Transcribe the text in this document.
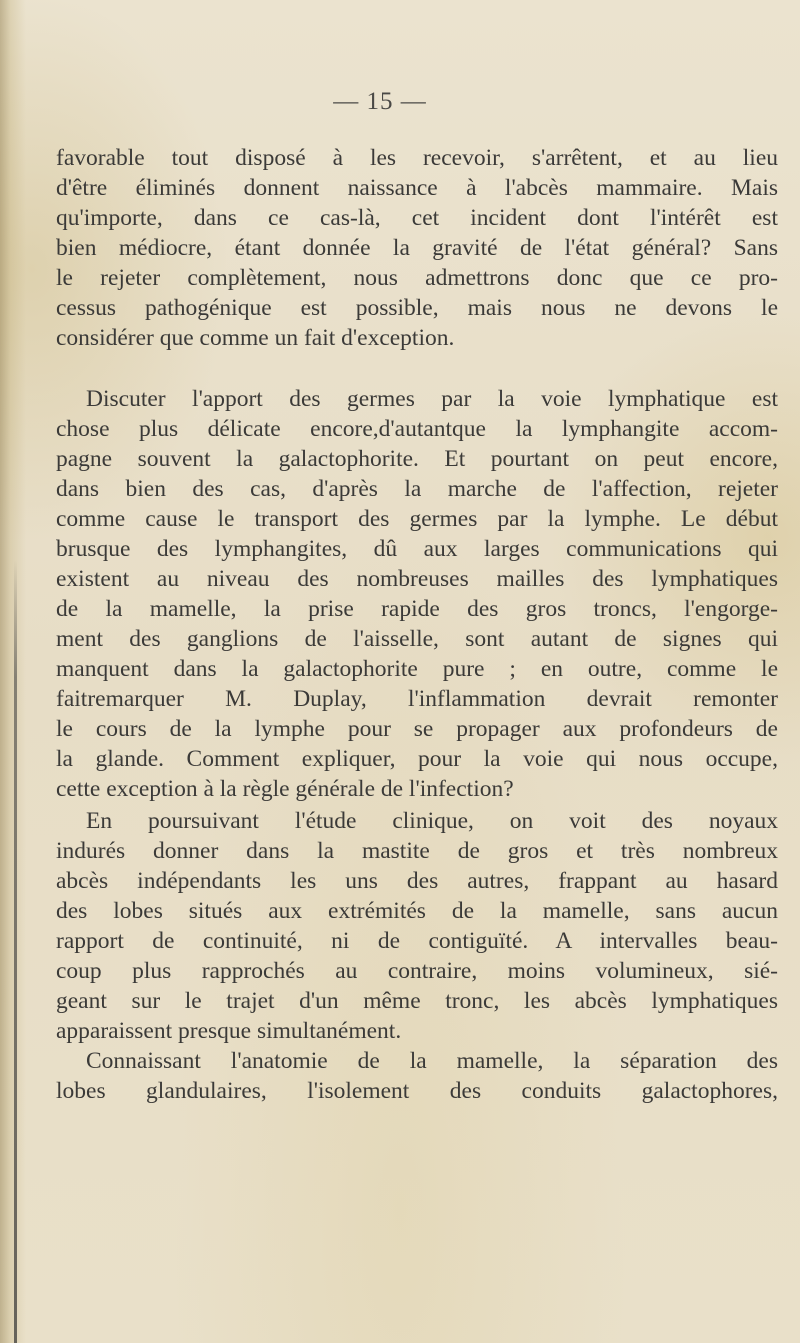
— 15 —
favorable tout disposé à les recevoir, s'arrêtent, et au lieu
d'être éliminés donnent naissance à l'abcès mammaire. Mais
qu'importe, dans ce cas-là, cet incident dont l'intérêt est
bien médiocre, étant donnée la gravité de l'état général? Sans
le rejeter complètement, nous admettrons donc que ce pro-
cessus pathogénique est possible, mais nous ne devons le
considérer que comme un fait d'exception.
Discuter l'apport des germes par la voie lymphatique est
chose plus délicate encore,d'autantque la lymphangite accom-
pagne souvent la galactophorite. Et pourtant on peut encore,
dans bien des cas, d'après la marche de l'affection, rejeter
comme cause le transport des germes par la lymphe. Le début
brusque des lymphangites, dû aux larges communications qui
existent au niveau des nombreuses mailles des lymphatiques
de la mamelle, la prise rapide des gros troncs, l'engorge-
ment des ganglions de l'aisselle, sont autant de signes qui
manquent dans la galactophorite pure ; en outre, comme le
faitremarquer M. Duplay, l'inflammation devrait remonter
le cours de la lymphe pour se propager aux profondeurs de
la glande. Comment expliquer, pour la voie qui nous occupe,
cette exception à la règle générale de l'infection?
En poursuivant l'étude clinique, on voit des noyaux
indurés donner dans la mastite de gros et très nombreux
abcès indépendants les uns des autres, frappant au hasard
des lobes situés aux extrémités de la mamelle, sans aucun
rapport de continuité, ni de contiguïté. A intervalles beau-
coup plus rapprochés au contraire, moins volumineux, sié-
geant sur le trajet d'un même tronc, les abcès lymphatiques
apparaissent presque simultanément.
Connaissant l'anatomie de la mamelle, la séparation des
lobes glandulaires, l'isolement des conduits galactophores,
